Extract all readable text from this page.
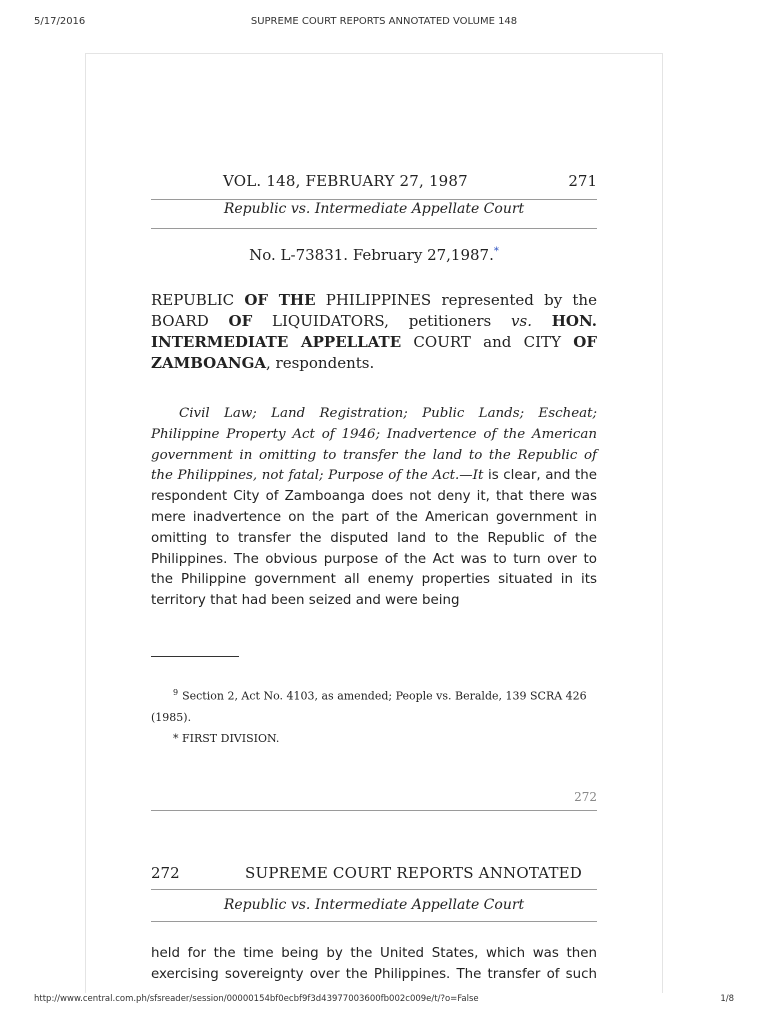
5/17/2016	SUPREME COURT REPORTS ANNOTATED VOLUME 148
VOL. 148, FEBRUARY 27, 1987	271
Republic vs. Intermediate Appellate Court
No. L-73831. February 27,1987.*
REPUBLIC OF THE PHILIPPINES represented by the BOARD OF LIQUIDATORS, petitioners vs. HON. INTERMEDIATE APPELLATE COURT and CITY OF ZAMBOANGA, respondents.
Civil Law; Land Registration; Public Lands; Escheat; Philippine Property Act of 1946; Inadvertence of the American government in omitting to transfer the land to the Republic of the Philippines, not fatal; Purpose of the Act.—It is clear, and the respondent City of Zamboanga does not deny it, that there was mere inadvertence on the part of the American government in omitting to transfer the disputed land to the Republic of the Philippines. The obvious purpose of the Act was to turn over to the Philippine government all enemy properties situated in its territory that had been seized and were being
$^9$ Section 2, Act No. 4103, as amended; People vs. Beralde, 139 SCRA 426 (1985).
* FIRST DIVISION.
272
272	SUPREME COURT REPORTS ANNOTATED
Republic vs. Intermediate Appellate Court
held for the time being by the United States, which was then
exercising sovereignty over the Philippines. The transfer of such
http://www.central.com.ph/sfsreader/session/00000154bf0ecbf9f3d43977003600fb002c009e/t/?o=False	1/8
